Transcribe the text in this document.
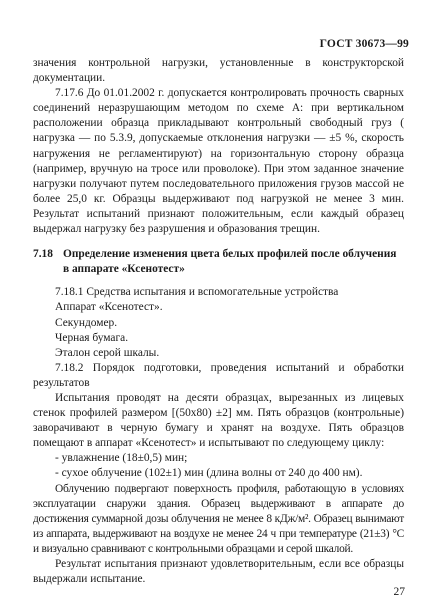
ГОСТ 30673—99

значения контрольной нагрузки, установленные в конструкторской документации.

7.17.6 До 01.01.2002 г. допускается контролировать прочность сварных соединений неразрушающим методом по схеме А: при вертикальном расположении образца прикладывают контрольный свободный груз ( нагрузка — по 5.3.9, допускаемые отклонения нагрузки — ±5 %, скорость нагружения не регламентируют) на горизонтальную сторону образца (например, вручную на тросе или проволоке). При этом заданное значение нагрузки получают путем последовательного приложения грузов массой не более 25,0 кг. Образцы выдерживают под нагрузкой не менее 3 мин. Результат испытаний признают положительным, если каждый образец выдержал нагрузку без разрушения и образования трещин.

7.18 Определение изменения цвета белых профилей после облучения в аппарате «Ксенотест»

7.18.1 Средства испытания и вспомогательные устройства

Аппарат «Ксенотест».

Секундомер.

Черная бумага.

Эталон серой шкалы.

7.18.2 Порядок подготовки, проведения испытаний и обработки результатов

Испытания проводят на десяти образцах, вырезанных из лицевых стенок профилей размером [(50х80) ±2] мм. Пять образцов (контрольные) заворачивают в черную бумагу и хранят на воздухе. Пять образцов помещают в аппарат «Ксенотест» и испытывают по следующему циклу:

- увлажнение (18±0,5) мин;

- сухое облучение (102±1) мин (длина волны от 240 до 400 нм).

Облучению подвергают поверхность профиля, работающую в условиях эксплуатации снаружи здания. Образец выдерживают в аппарате до достижения суммарной дозы облучения не менее 8 кДж/м². Образец вынимают из аппарата, выдерживают на воздухе не менее 24 ч при температуре (21±3) °С и визуально сравнивают с контрольными образцами и серой шкалой.

Результат испытания признают удовлетворительным, если все образцы выдержали испытание.

27
